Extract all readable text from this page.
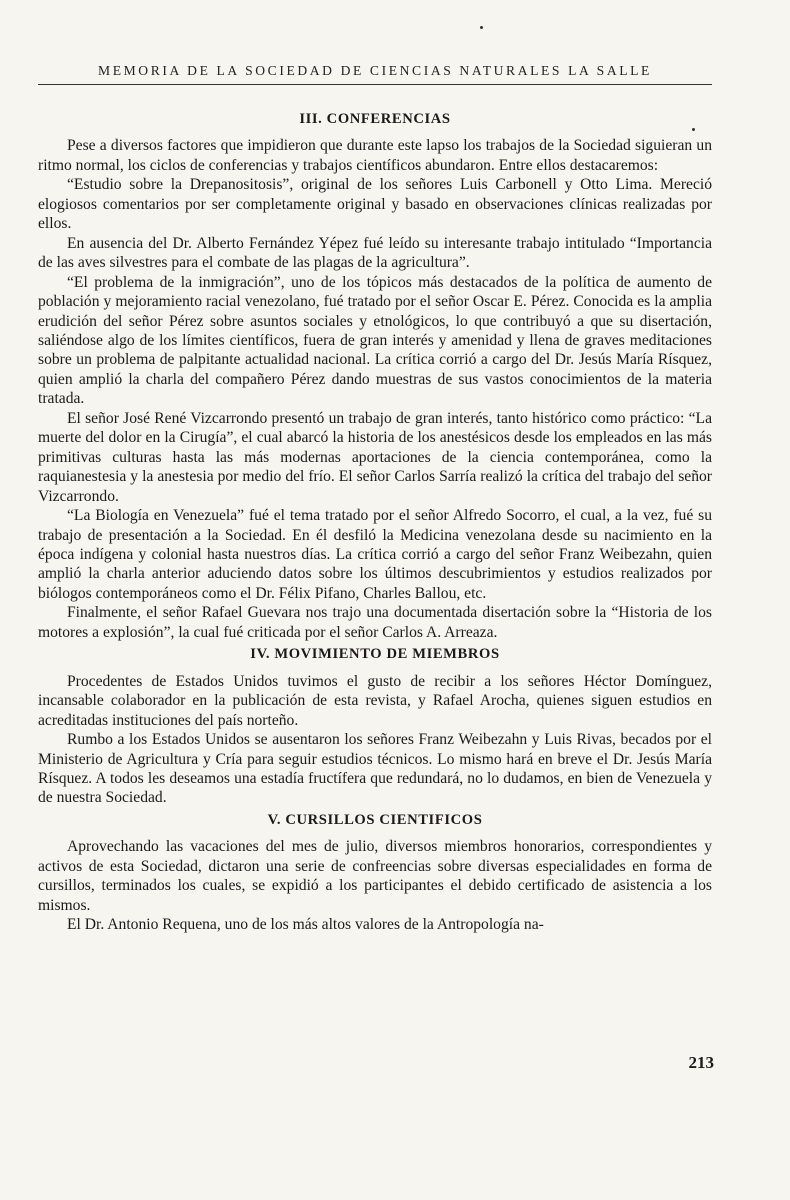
MEMORIA DE LA SOCIEDAD DE CIENCIAS NATURALES LA SALLE
III. CONFERENCIAS

Pese a diversos factores que impidieron que durante este lapso los trabajos de la Sociedad siguieran un ritmo normal, los ciclos de conferencias y trabajos científicos abundaron. Entre ellos destacaremos:

“Estudio sobre la Drepanositosis”, original de los señores Luis Carbonell y Otto Lima. Mereció elogiosos comentarios por ser completamente original y basado en observaciones clínicas realizadas por ellos.

En ausencia del Dr. Alberto Fernández Yépez fué leído su interesante trabajo intitulado “Importancia de las aves silvestres para el combate de las plagas de la agricultura”.

“El problema de la inmigración”, uno de los tópicos más destacados de la política de aumento de población y mejoramiento racial venezolano, fué tratado por el señor Oscar E. Pérez. Conocida es la amplia erudición del señor Pérez sobre asuntos sociales y etnológicos, lo que contribuyó a que su disertación, saliéndose algo de los límites científicos, fuera de gran interés y amenidad y llena de graves meditaciones sobre un problema de palpitante actualidad nacional. La crítica corrió a cargo del Dr. Jesús María Rísquez, quien amplió la charla del compañero Pérez dando muestras de sus vastos conocimientos de la materia tratada.

El señor José René Vizcarrondo presentó un trabajo de gran interés, tanto histórico como práctico: “La muerte del dolor en la Cirugía”, el cual abarcó la historia de los anestésicos desde los empleados en las más primitivas culturas hasta las más modernas aportaciones de la ciencia contemporánea, como la raquianestesia y la anestesia por medio del frío. El señor Carlos Sarría realizó la crítica del trabajo del señor Vizcarrondo.

“La Biología en Venezuela” fué el tema tratado por el señor Alfredo Socorro, el cual, a la vez, fué su trabajo de presentación a la Sociedad. En él desfiló la Medicina venezolana desde su nacimiento en la época indígena y colonial hasta nuestros días. La crítica corrió a cargo del señor Franz Weibezahn, quien amplió la charla anterior aduciendo datos sobre los últimos descubrimientos y estudios realizados por biólogos contemporáneos como el Dr. Félix Pifano, Charles Ballou, etc.

Finalmente, el señor Rafael Guevara nos trajo una documentada disertación sobre la “Historia de los motores a explosión”, la cual fué criticada por el señor Carlos A. Arreaza.

IV. MOVIMIENTO DE MIEMBROS

Procedentes de Estados Unidos tuvimos el gusto de recibir a los señores Héctor Domínguez, incansable colaborador en la publicación de esta revista, y Rafael Arocha, quienes siguen estudios en acreditadas instituciones del país norteño.

Rumbo a los Estados Unidos se ausentaron los señores Franz Weibezahn y Luis Rivas, becados por el Ministerio de Agricultura y Cría para seguir estudios técnicos. Lo mismo hará en breve el Dr. Jesús María Rísquez. A todos les deseamos una estadía fructífera que redundará, no lo dudamos, en bien de Venezuela y de nuestra Sociedad.

V. CURSILLOS CIENTIFICOS

Aprovechando las vacaciones del mes de julio, diversos miembros honorarios, correspondientes y activos de esta Sociedad, dictaron una serie de confreencias sobre diversas especialidades en forma de cursillos, terminados los cuales, se expidió a los participantes el debido certificado de asistencia a los mismos.

El Dr. Antonio Requena, uno de los más altos valores de la Antropología na-

213
